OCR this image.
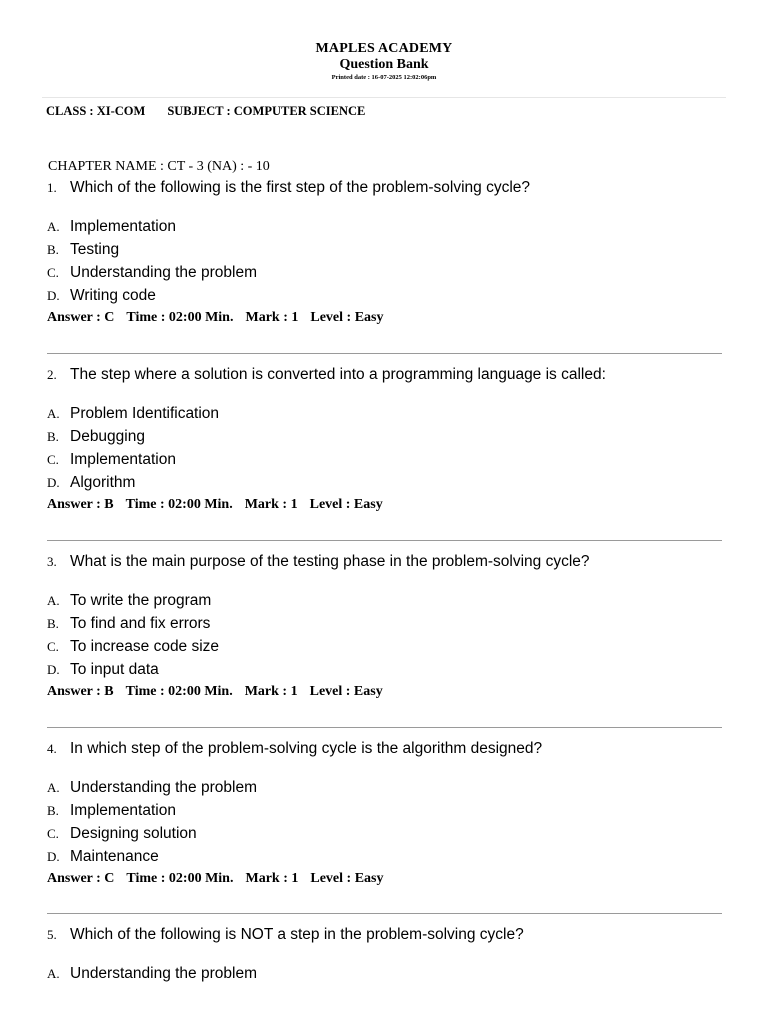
MAPLES ACADEMY
Question Bank
Printed date : 16-07-2025 12:02:06pm
CLASS : XI-COM SUBJECT : COMPUTER SCIENCE
CHAPTER NAME : CT - 3 (NA) : - 10
1. Which of the following is the first step of the problem-solving cycle?
A. Implementation
B. Testing
C. Understanding the problem
D. Writing code
Answer : C Time : 02:00 Min. Mark : 1 Level : Easy
2. The step where a solution is converted into a programming language is called:
A. Problem Identification
B. Debugging
C. Implementation
D. Algorithm
Answer : B Time : 02:00 Min. Mark : 1 Level : Easy
3. What is the main purpose of the testing phase in the problem-solving cycle?
A. To write the program
B. To find and fix errors
C. To increase code size
D. To input data
Answer : B Time : 02:00 Min. Mark : 1 Level : Easy
4. In which step of the problem-solving cycle is the algorithm designed?
A. Understanding the problem
B. Implementation
C. Designing solution
D. Maintenance
Answer : C Time : 02:00 Min. Mark : 1 Level : Easy
5. Which of the following is NOT a step in the problem-solving cycle?
A. Understanding the problem
